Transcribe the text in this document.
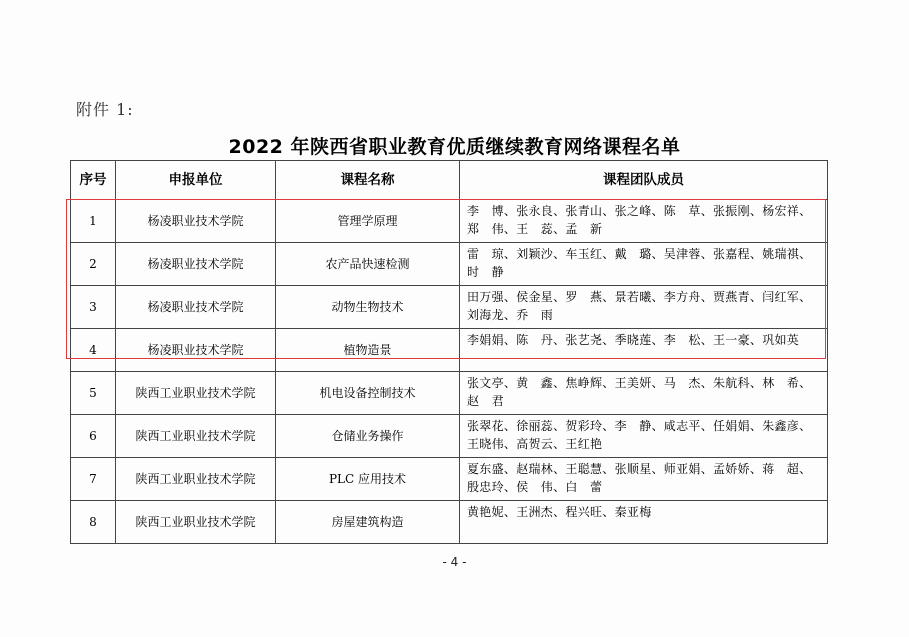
附件 1:
2022 年陕西省职业教育优质继续教育网络课程名单
序号	申报单位	课程名称	课程团队成员
1	杨凌职业技术学院	管理学原理	李　博、张永良、张青山、张之峰、陈　草、张振刚、杨宏祥、郑　伟、王　蕊、孟　新
2	杨凌职业技术学院	农产品快速检测	雷　琼、刘颖沙、车玉红、戴　璐、吴津蓉、张嘉程、姚瑞祺、时　静
3	杨凌职业技术学院	动物生物技术	田万强、侯金星、罗　燕、景若曦、李方舟、贾燕青、闫红军、刘海龙、乔　雨
4	杨凌职业技术学院	植物造景	李娟娟、陈　丹、张艺尧、季晓莲、李　松、王一豪、巩如英
5	陕西工业职业技术学院	机电设备控制技术	张文亭、黄　鑫、焦峥辉、王美妍、马　杰、朱航科、林　希、赵　君
6	陕西工业职业技术学院	仓储业务操作	张翠花、徐丽蕊、贺彩玲、李　静、咸志平、任娟娟、朱鑫彦、王晓伟、高贺云、王红艳
7	陕西工业职业技术学院	PLC 应用技术	夏东盛、赵瑞林、王聪慧、张顺星、师亚娟、孟娇娇、蒋　超、殷忠玲、侯　伟、白　蕾
8	陕西工业职业技术学院	房屋建筑构造	黄艳妮、王洲杰、程兴旺、秦亚梅
- 4 -
